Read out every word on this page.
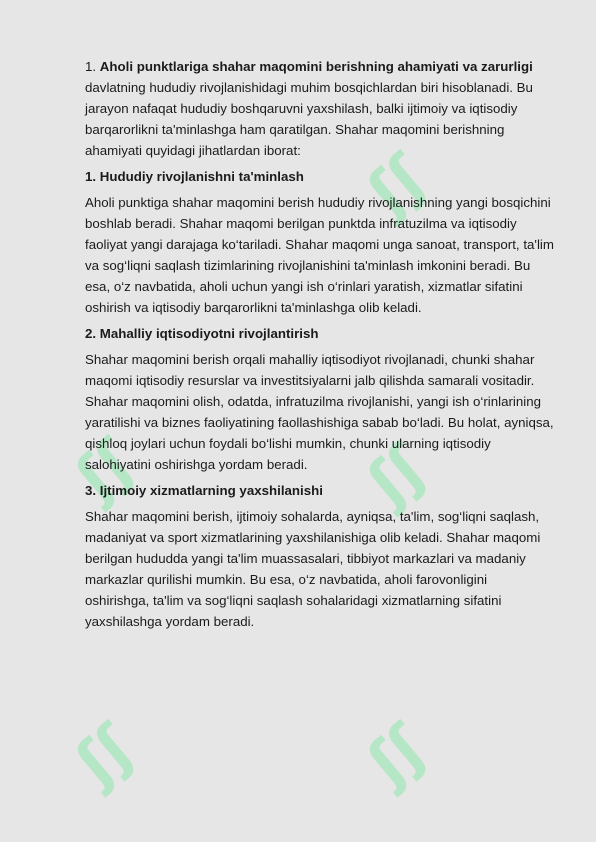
ʃʃ
ʃʃ
ʃʃ
ʃʃ
ʃʃ

1. Aholi punktlariga shahar maqomini berishning ahamiyati va zarurligi davlatning hududiy rivojlanishidagi muhim bosqichlardan biri hisoblanadi. Bu jarayon nafaqat hududiy boshqaruvni yaxshilash, balki ijtimoiy va iqtisodiy barqarorlikni ta'minlashga ham qaratilgan. Shahar maqomini berishning ahamiyati quyidagi jihatlardan iborat:

1. Hududiy rivojlanishni ta'minlash

Aholi punktiga shahar maqomini berish hududiy rivojlanishning yangi bosqichini boshlab beradi. Shahar maqomi berilgan punktda infratuzilma va iqtisodiy faoliyat yangi darajaga ko‘tariladi. Shahar maqomi unga sanoat, transport, ta'lim va sog‘liqni saqlash tizimlarining rivojlanishini ta'minlash imkonini beradi. Bu esa, o‘z navbatida, aholi uchun yangi ish o‘rinlari yaratish, xizmatlar sifatini oshirish va iqtisodiy barqarorlikni ta'minlashga olib keladi.

2. Mahalliy iqtisodiyotni rivojlantirish

Shahar maqomini berish orqali mahalliy iqtisodiyot rivojlanadi, chunki shahar maqomi iqtisodiy resurslar va investitsiyalarni jalb qilishda samarali vositadir. Shahar maqomini olish, odatda, infratuzilma rivojlanishi, yangi ish o‘rinlarining yaratilishi va biznes faoliyatining faollashishiga sabab bo‘ladi. Bu holat, ayniqsa, qishloq joylari uchun foydali bo‘lishi mumkin, chunki ularning iqtisodiy salohiyatini oshirishga yordam beradi.

3. Ijtimoiy xizmatlarning yaxshilanishi

Shahar maqomini berish, ijtimoiy sohalarda, ayniqsa, ta'lim, sog‘liqni saqlash, madaniyat va sport xizmatlarining yaxshilanishiga olib keladi. Shahar maqomi berilgan hududda yangi ta'lim muassasalari, tibbiyot markazlari va madaniy markazlar qurilishi mumkin. Bu esa, o‘z navbatida, aholi farovonligini oshirishga, ta'lim va sog‘liqni saqlash sohalaridagi xizmatlarning sifatini yaxshilashga yordam beradi.
